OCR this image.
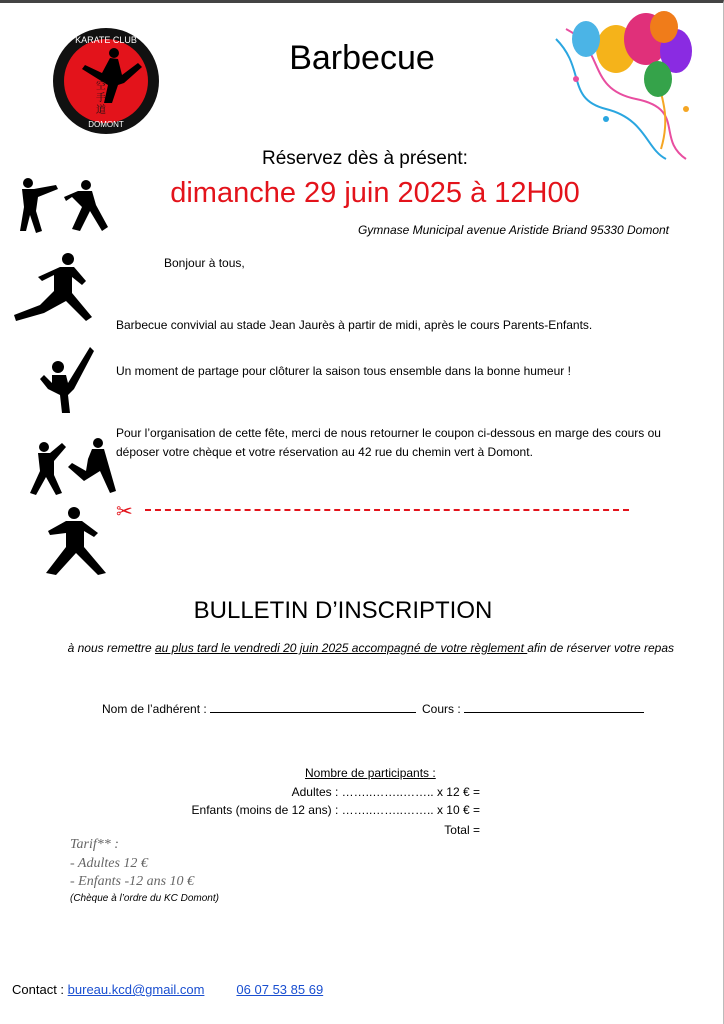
KARATE CLUB
DOMONT
空
手
道
Barbecue
Réservez dès à présent:
dimanche 29 juin 2025 à 12H00
Gymnase Municipal avenue Aristide Briand 95330 Domont
Bonjour à tous,
Barbecue convivial au stade Jean Jaurès à partir de midi, après le cours Parents-Enfants.
Un moment de partage pour clôturer la saison tous ensemble dans la bonne humeur !
Pour l’organisation de cette fête, merci de nous retourner le coupon ci-dessous en marge des cours ou déposer votre chèque et votre réservation au 42 rue du chemin vert à Domont.
✂
BULLETIN D’INSCRIPTION
à nous remettre au plus tard le vendredi 20 juin 2025 accompagné de votre règlement afin de réserver votre repas
Nom de l’adhérent :	Cours :
Nombre de participants :
Adultes : ……..……..…….. x 12 € =
Enfants (moins de 12 ans) : ……..……..…….. x 10 € =
Total =
Tarif** :
- Adultes 12 €
- Enfants -12 ans 10 €
(Chèque à l’ordre du KC Domont)
Contact : bureau.kcd@gmail.com 06 07 53 85 69
